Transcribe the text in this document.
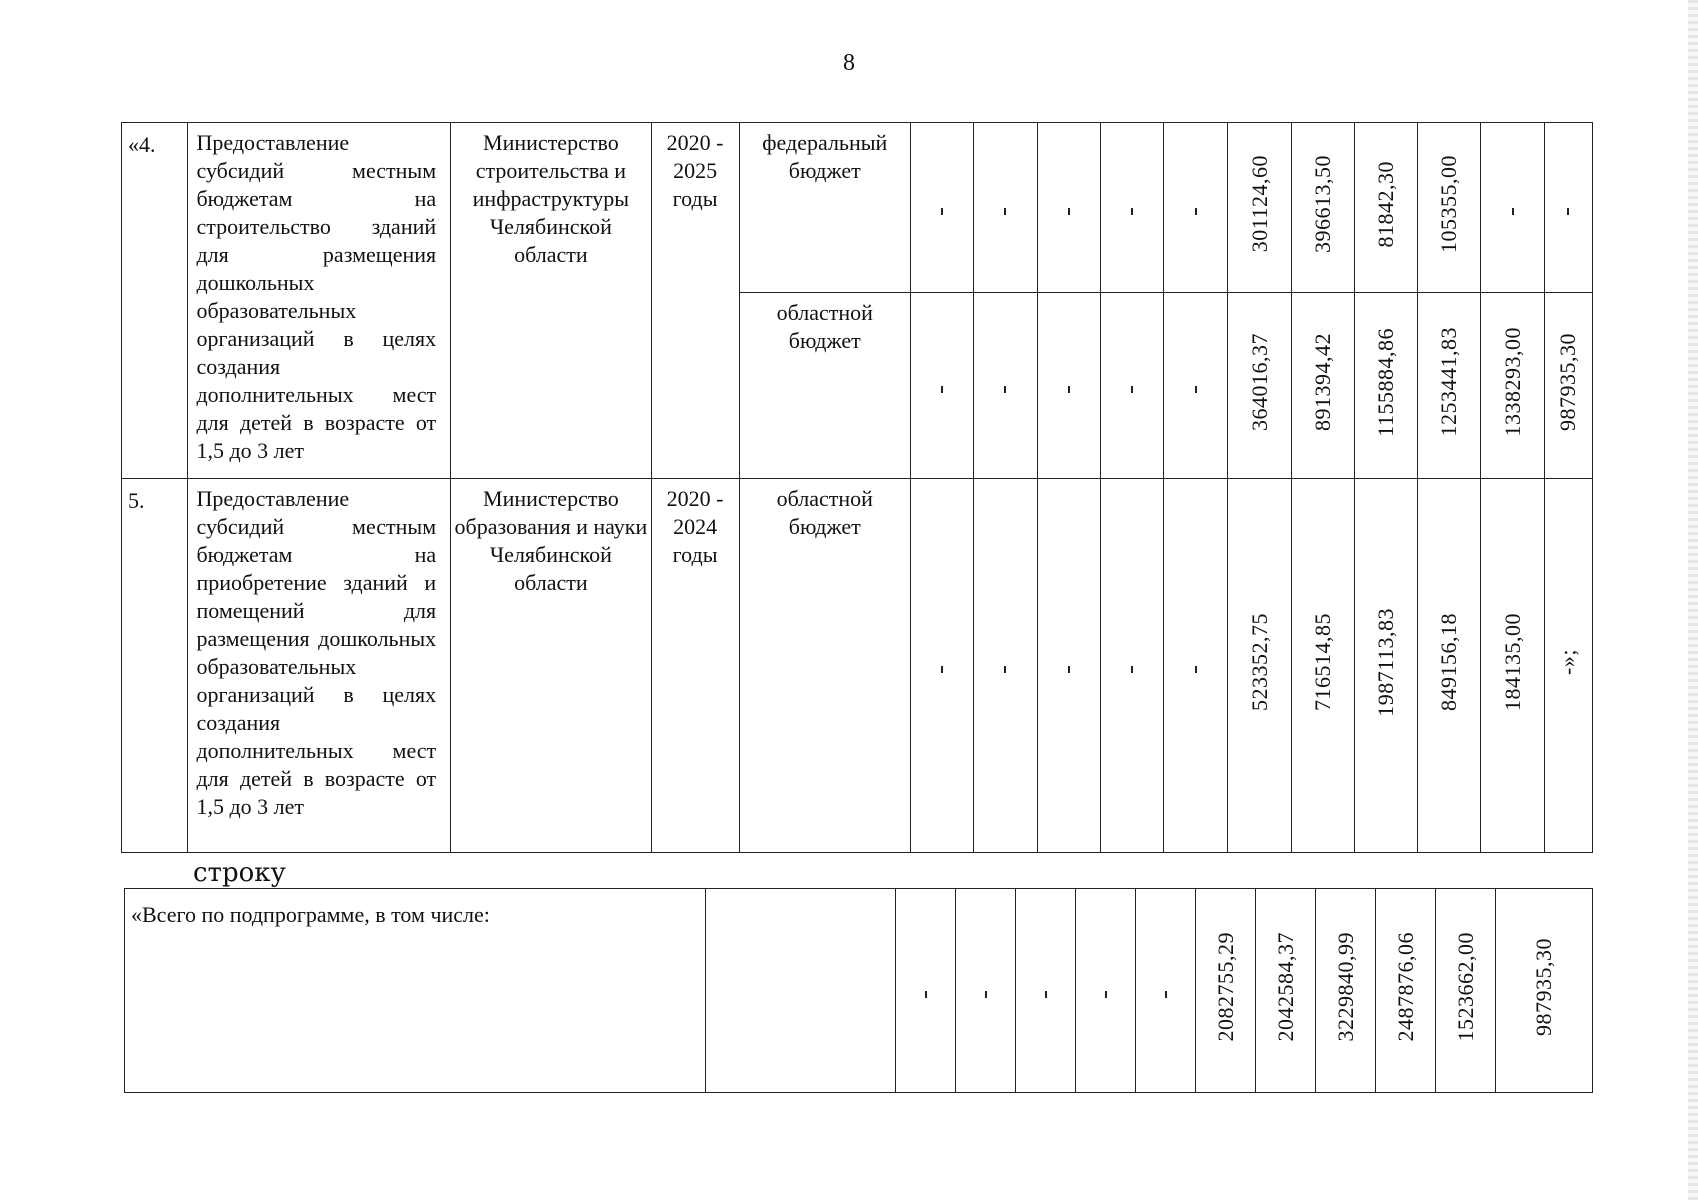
8
«4.	Предоставление субсидий местным бюджетам на строительство зданий для размещения дошкольных образовательных организаций в целях создания дополнительных мест для детей в возрасте от 1,5 до 3 лет	Министерство строительства и инфраструктуры Челябинской области	2020 - 2025 годы	федеральный бюджет						301124,60	396613,50	81842,30	105355,00		
				областной бюджет						364016,37	891394,42	1155884,86	1253441,83	1338293,00	987935,30
5.	Предоставление субсидий местным бюджетам на приобретение зданий и помещений для размещения дошкольных образовательных организаций в целях создания дополнительных мест для детей в возрасте от 1,5 до 3 лет	Министерство образования и науки Челябинской области	2020 - 2024 годы	областной бюджет						523352,75	716514,85	1987113,83	849156,18	184135,00	-»;
строку
«Всего по подпрограмме, в том числе:							2082755,29	2042584,37	3229840,99	2487876,06	1523662,00	987935,30
